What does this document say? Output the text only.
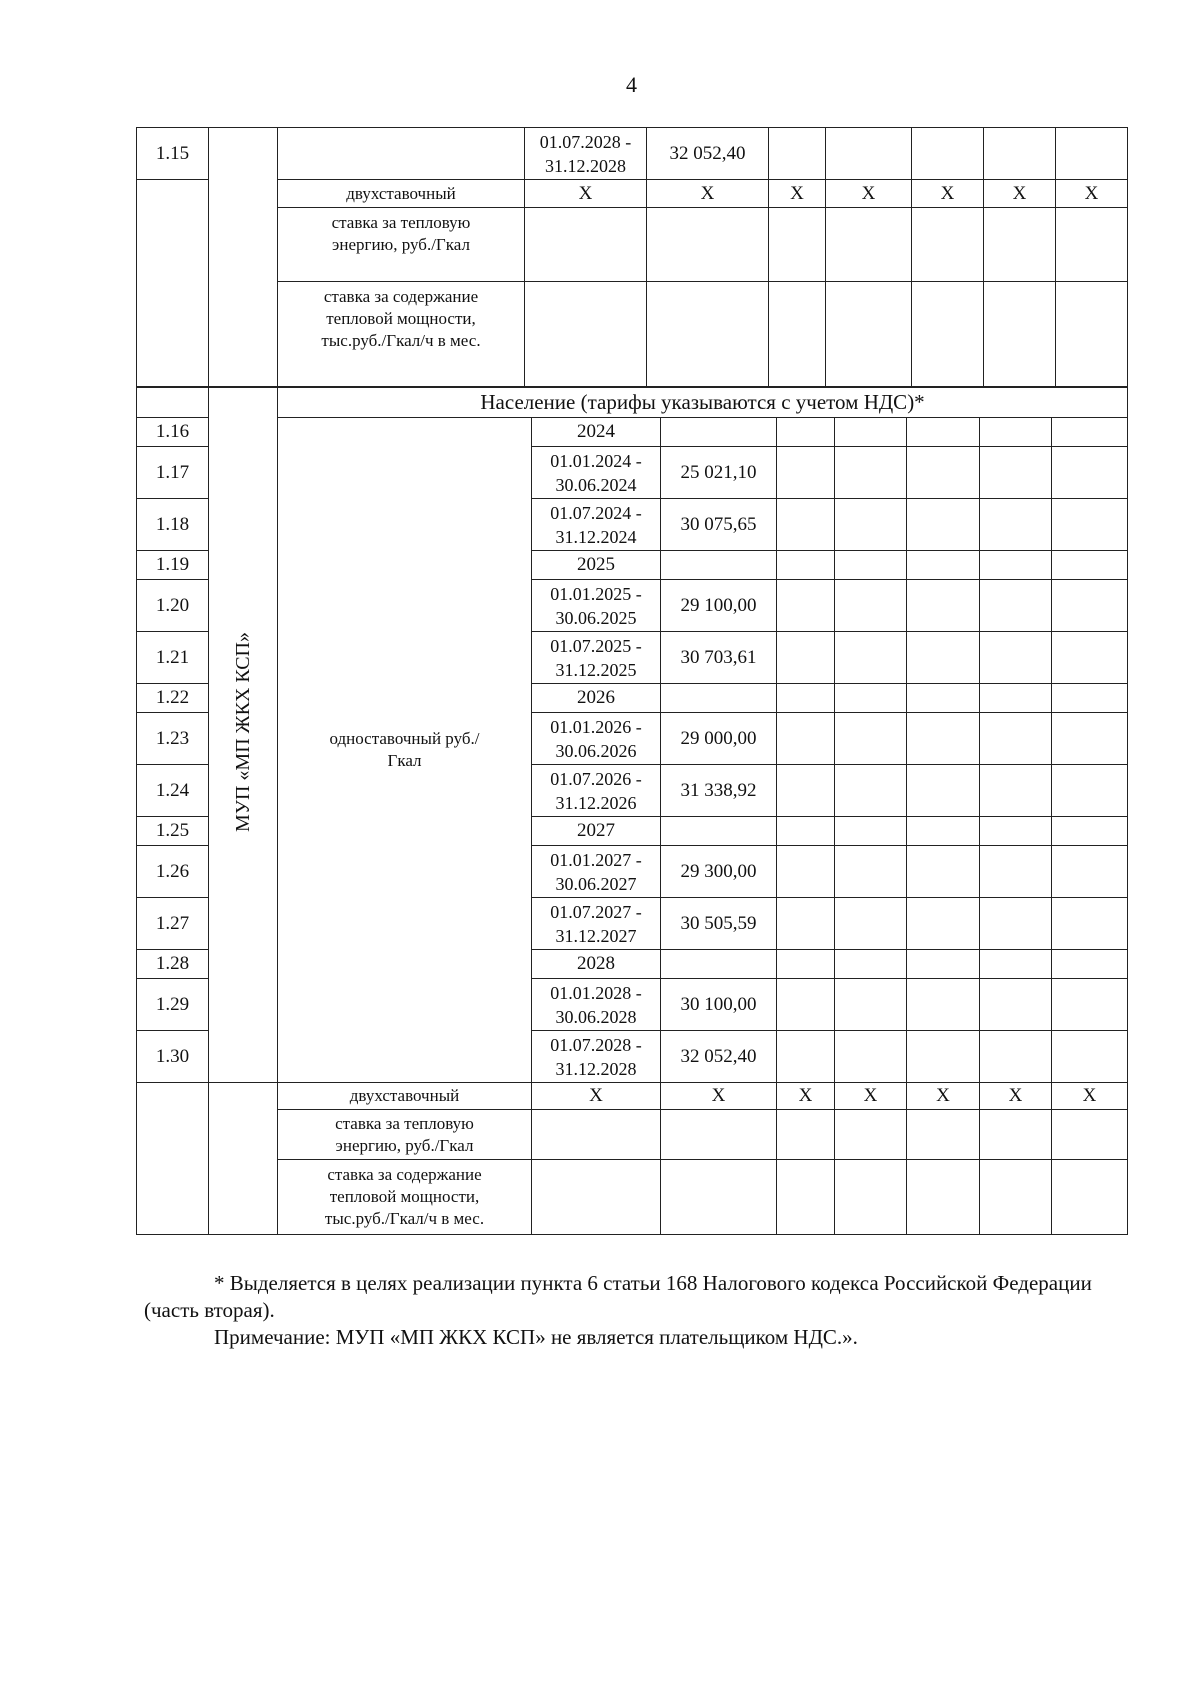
4
1.15			01.07.2028 - 31.12.2028	32 052,40					
		двухставочный	X	X	X	X	X	X	X
		ставка за тепловую энергию, руб./Гкал							
		ставка за содержание тепловой мощности, тыс.руб./Гкал/ч в мес.							
	МУП «МП ЖКХ КСП»	Население (тарифы указываются с учетом НДС)*							
1.16		одноставочный руб./Гкал	2024						
1.17			01.01.2024 - 30.06.2024	25 021,10					
1.18			01.07.2024 - 31.12.2024	30 075,65					
1.19			2025						
1.20			01.01.2025 - 30.06.2025	29 100,00					
1.21			01.07.2025 - 31.12.2025	30 703,61					
1.22			2026						
1.23			01.01.2026 - 30.06.2026	29 000,00					
1.24			01.07.2026 - 31.12.2026	31 338,92					
1.25			2027						
1.26			01.01.2027 - 30.06.2027	29 300,00					
1.27			01.07.2027 - 31.12.2027	30 505,59					
1.28			2028						
1.29			01.01.2028 - 30.06.2028	30 100,00					
1.30			01.07.2028 - 31.12.2028	32 052,40					
		двухставочный	X	X	X	X	X	X	X
		ставка за тепловую энергию, руб./Гкал							
		ставка за содержание тепловой мощности, тыс.руб./Гкал/ч в мес.							

* Выделяется в целях реализации пункта 6 статьи 168 Налогового кодекса Российской Федерации (часть вторая).

Примечание: МУП «МП ЖКХ КСП» не является плательщиком НДС.».
